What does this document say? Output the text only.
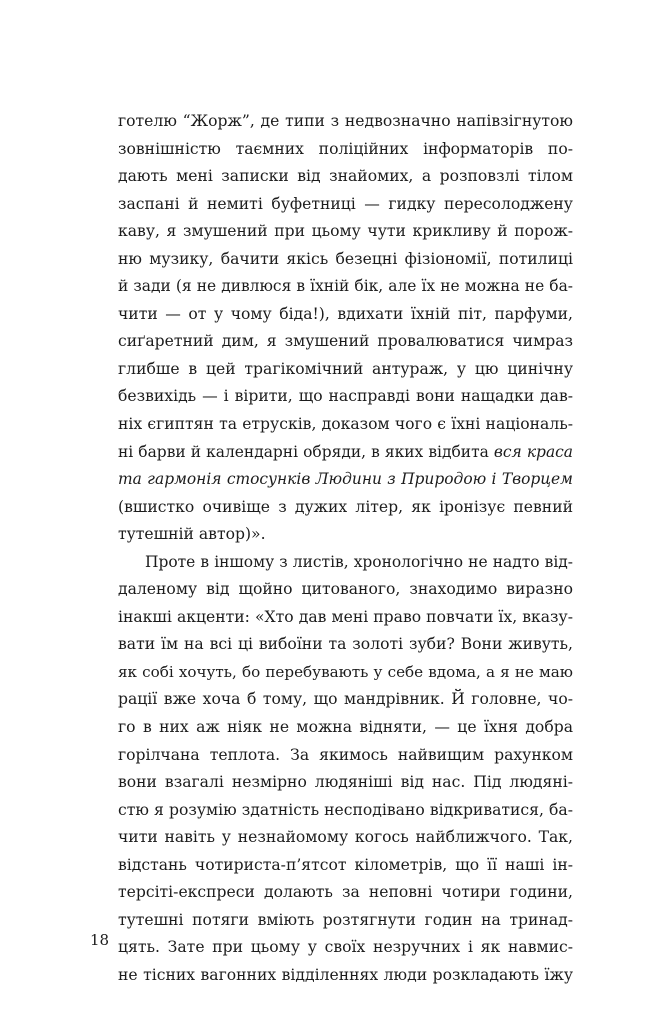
готелю “Жорж”, де типи з недвозначно напівзігнутою
зовнішністю таємних поліційних інформаторів по-
дають мені записки від знайомих, а розповзлі тілом
заспані й немиті буфетниці — гидку пересолоджену
каву, я змушений при цьому чути крикливу й порож-
ню музику, бачити якісь безецні фізіономії, потилиці
й зади (я не дивлюся в їхній бік, але їх не можна не ба-
чити — от у чому біда!), вдихати їхній піт, парфуми,
сиґаретний дим, я змушений провалюватися чимраз
глибше в цей трагікомічний антураж, у цю цинічну
безвихідь — і вірити, що насправді вони нащадки дав-
ніх єгиптян та етрусків, доказом чого є їхні національ-
ні барви й календарні обряди, в яких відбита вся краса
та гармонія стосунків Людини з Природою і Творцем
(вшистко очивіще з дужих літер, як іронізує певний
тутешній автор)».
Проте в іншому з листів, хронологічно не надто від-
даленому від щойно цитованого, знаходимо виразно
інакші акценти: «Хто дав мені право повчати їх, вказу-
вати їм на всі ці вибоїни та золоті зуби? Вони живуть,
як собі хочуть, бо перебувають у себе вдома, а я не маю
рації вже хоча б тому, що мандрівник. Й головне, чо-
го в них аж ніяк не можна відняти, — це їхня добра
горілчана теплота. За якимось найвищим рахунком
вони взагалі незмірно людяніші від нас. Під людяні-
стю я розумію здатність несподівано відкриватися, ба-
чити навіть у незнайомому когось найближчого. Так,
відстань чотириста-п’ятсот кілометрів, що її наші ін-
терсіті-експреси долають за неповні чотири години,
тутешні потяги вміють розтягнути годин на тринад-
цять. Зате при цьому у своїх незручних і як навмис-
не тісних вагонних відділеннях люди розкладають їжу
18
